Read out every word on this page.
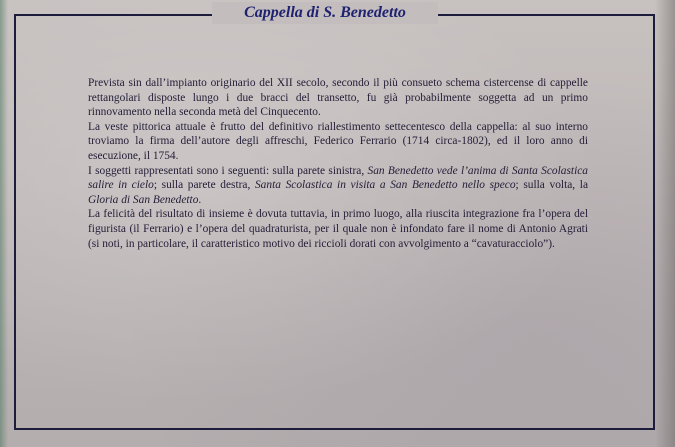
Cappella di S. Benedetto

Prevista sin dall’impianto originario del XII secolo, secondo il più consueto schema cistercense di cappelle rettangolari disposte lungo i due bracci del transetto, fu già probabilmente soggetta ad un primo rinnovamento nella seconda metà del Cinquecento.

La veste pittorica attuale è frutto del definitivo riallestimento settecentesco della cappella: al suo interno troviamo la firma dell’autore degli affreschi, Federico Ferrario (1714 circa-1802), ed il loro anno di esecuzione, il 1754.

I soggetti rappresentati sono i seguenti: sulla parete sinistra, San Benedetto vede l’anima di Santa Scolastica salire in cielo; sulla parete destra, Santa Scolastica in visita a San Benedetto nello speco; sulla volta, la Gloria di San Benedetto.

La felicità del risultato di insieme è dovuta tuttavia, in primo luogo, alla riuscita integrazione fra l’opera del figurista (il Ferrario) e l’opera del quadraturista, per il quale non è infondato fare il nome di Antonio Agrati (si noti, in particolare, il caratteristico motivo dei riccioli dorati con avvolgimento a “cavaturacciolo”).
